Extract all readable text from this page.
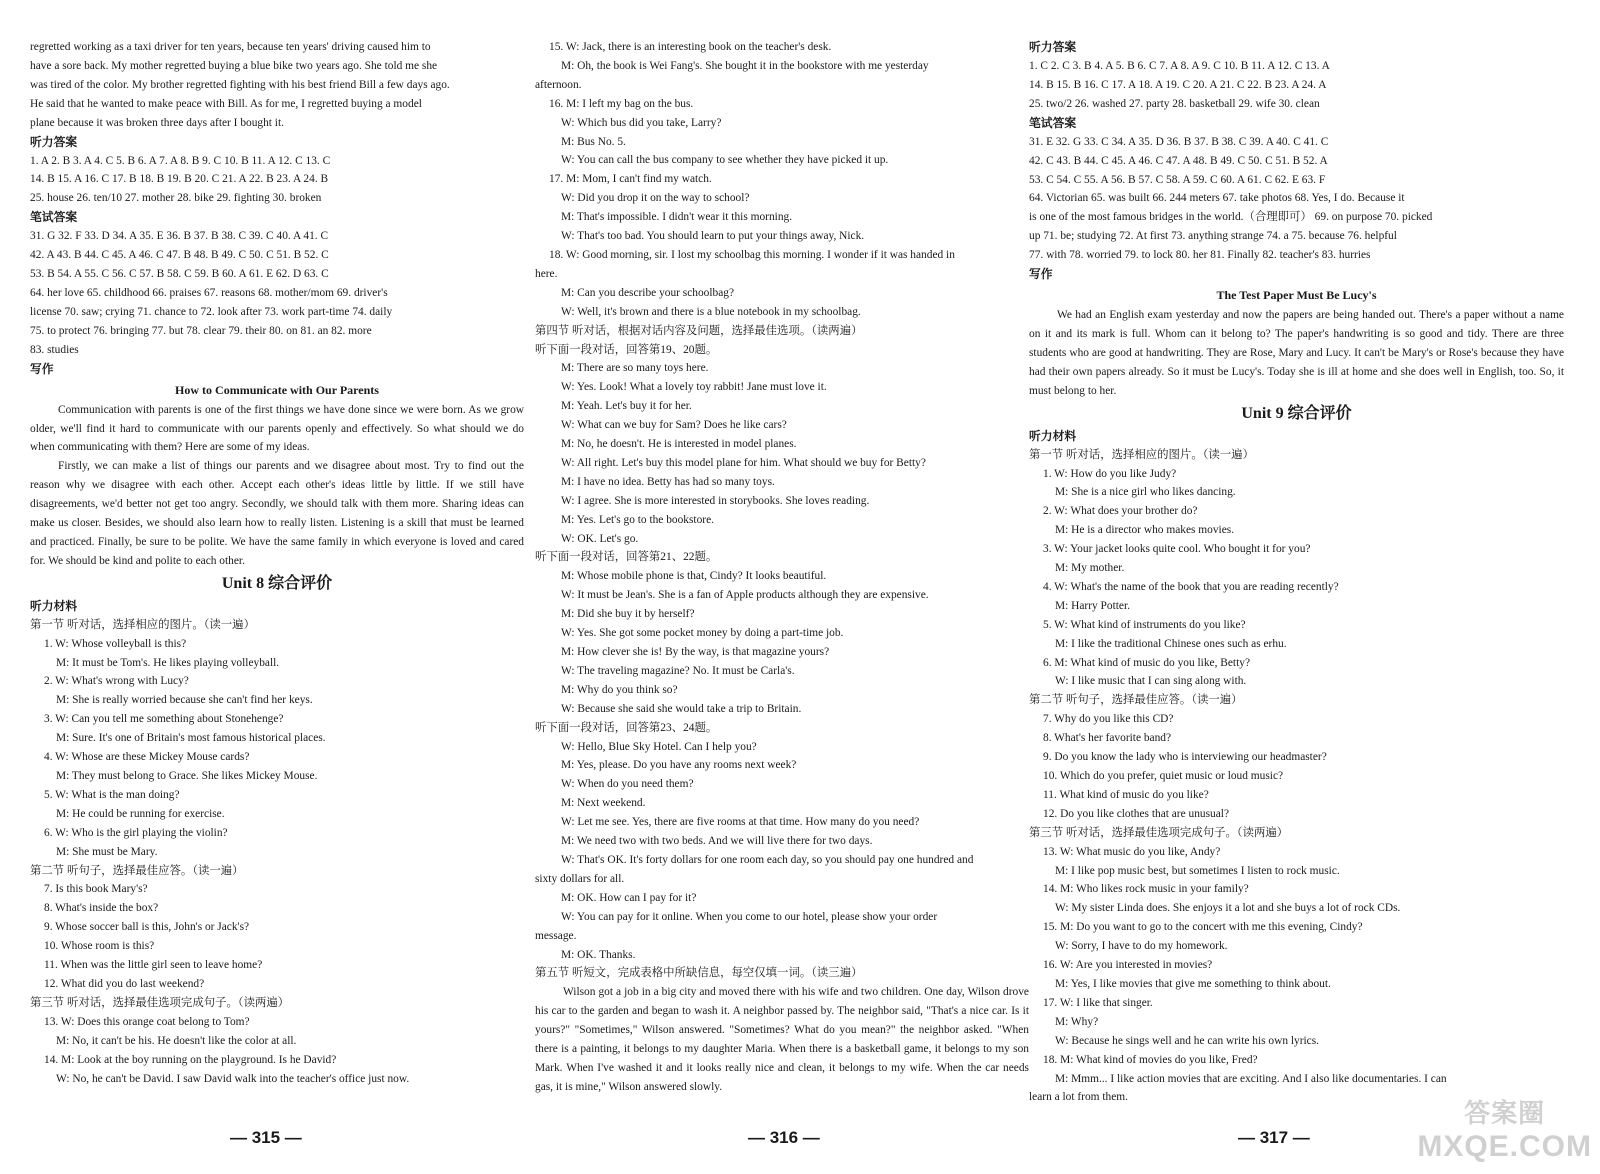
regretted working as a taxi driver for ten years, because ten years' driving caused him to
have a sore back. My mother regretted buying a blue bike two years ago. She told me she
was tired of the color. My brother regretted fighting with his best friend Bill a few days ago.
He said that he wanted to make peace with Bill. As for me, I regretted buying a model
plane because it was broken three days after I bought it.
听力答案
1. A 2. B 3. A 4. C 5. B 6. A 7. A 8. B 9. C 10. B 11. A 12. C 13. C
14. B 15. A 16. C 17. B 18. B 19. B 20. C 21. A 22. B 23. A 24. B
25. house 26. ten/10 27. mother 28. bike 29. fighting 30. broken
笔试答案
31. G 32. F 33. D 34. A 35. E 36. B 37. B 38. C 39. C 40. A 41. C
42. A 43. B 44. C 45. A 46. C 47. B 48. B 49. C 50. C 51. B 52. C
53. B 54. A 55. C 56. C 57. B 58. C 59. B 60. A 61. E 62. D 63. C
64. her love 65. childhood 66. praises 67. reasons 68. mother/mom 69. driver's
license 70. saw; crying 71. chance to 72. look after 73. work part-time 74. daily
75. to protect 76. bringing 77. but 78. clear 79. their 80. on 81. an 82. more
83. studies
写作
How to Communicate with Our Parents
Communication with parents is one of the first things we have done since we were born. As we grow older, we'll find it hard to communicate with our parents openly and effectively. So what should we do when communicating with them? Here are some of my ideas.
Firstly, we can make a list of things our parents and we disagree about most. Try to find out the reason why we disagree with each other. Accept each other's ideas little by little. If we still have disagreements, we'd better not get too angry. Secondly, we should talk with them more. Sharing ideas can make us closer. Besides, we should also learn how to really listen. Listening is a skill that must be learned and practiced. Finally, be sure to be polite. We have the same family in which everyone is loved and cared for. We should be kind and polite to each other.
Unit 8 综合评价
听力材料
第一节 听对话，选择相应的图片。（读一遍）
1. W: Whose volleyball is this?
M: It must be Tom's. He likes playing volleyball.
2. W: What's wrong with Lucy?
M: She is really worried because she can't find her keys.
3. W: Can you tell me something about Stonehenge?
M: Sure. It's one of Britain's most famous historical places.
4. W: Whose are these Mickey Mouse cards?
M: They must belong to Grace. She likes Mickey Mouse.
5. W: What is the man doing?
M: He could be running for exercise.
6. W: Who is the girl playing the violin?
M: She must be Mary.
第二节 听句子，选择最佳应答。（读一遍）
7. Is this book Mary's?
8. What's inside the box?
9. Whose soccer ball is this, John's or Jack's?
10. Whose room is this?
11. When was the little girl seen to leave home?
12. What did you do last weekend?
第三节 听对话，选择最佳选项完成句子。（读两遍）
13. W: Does this orange coat belong to Tom?
M: No, it can't be his. He doesn't like the color at all.
14. M: Look at the boy running on the playground. Is he David?
W: No, he can't be David. I saw David walk into the teacher's office just now.
— 315 —
15. W: Jack, there is an interesting book on the teacher's desk.
M: Oh, the book is Wei Fang's. She bought it in the bookstore with me yesterday
afternoon.
16. M: I left my bag on the bus.
W: Which bus did you take, Larry?
M: Bus No. 5.
W: You can call the bus company to see whether they have picked it up.
17. M: Mom, I can't find my watch.
W: Did you drop it on the way to school?
M: That's impossible. I didn't wear it this morning.
W: That's too bad. You should learn to put your things away, Nick.
18. W: Good morning, sir. I lost my schoolbag this morning. I wonder if it was handed in
here.
M: Can you describe your schoolbag?
W: Well, it's brown and there is a blue notebook in my schoolbag.
第四节 听对话，根据对话内容及问题，选择最佳选项。（读两遍）
听下面一段对话，回答第19、20题。
M: There are so many toys here.
W: Yes. Look! What a lovely toy rabbit! Jane must love it.
M: Yeah. Let's buy it for her.
W: What can we buy for Sam? Does he like cars?
M: No, he doesn't. He is interested in model planes.
W: All right. Let's buy this model plane for him. What should we buy for Betty?
M: I have no idea. Betty has had so many toys.
W: I agree. She is more interested in storybooks. She loves reading.
M: Yes. Let's go to the bookstore.
W: OK. Let's go.
听下面一段对话，回答第21、22题。
M: Whose mobile phone is that, Cindy? It looks beautiful.
W: It must be Jean's. She is a fan of Apple products although they are expensive.
M: Did she buy it by herself?
W: Yes. She got some pocket money by doing a part-time job.
M: How clever she is! By the way, is that magazine yours?
W: The traveling magazine? No. It must be Carla's.
M: Why do you think so?
W: Because she said she would take a trip to Britain.
听下面一段对话，回答第23、24题。
W: Hello, Blue Sky Hotel. Can I help you?
M: Yes, please. Do you have any rooms next week?
W: When do you need them?
M: Next weekend.
W: Let me see. Yes, there are five rooms at that time. How many do you need?
M: We need two with two beds. And we will live there for two days.
W: That's OK. It's forty dollars for one room each day, so you should pay one hundred and
sixty dollars for all.
M: OK. How can I pay for it?
W: You can pay for it online. When you come to our hotel, please show your order
message.
M: OK. Thanks.
第五节 听短文，完成表格中所缺信息，每空仅填一词。（读三遍）
Wilson got a job in a big city and moved there with his wife and two children. One day, Wilson drove his car to the garden and began to wash it. A neighbor passed by. The neighbor said, "That's a nice car. Is it yours?" "Sometimes," Wilson answered. "Sometimes? What do you mean?" the neighbor asked. "When there is a painting, it belongs to my daughter Maria. When there is a basketball game, it belongs to my son Mark. When I've washed it and it looks really nice and clean, it belongs to my wife. When the car needs gas, it is mine," Wilson answered slowly.
— 316 —
听力答案
1. C 2. C 3. B 4. A 5. B 6. C 7. A 8. A 9. C 10. B 11. A 12. C 13. A
14. B 15. B 16. C 17. A 18. A 19. C 20. A 21. C 22. B 23. A 24. A
25. two/2 26. washed 27. party 28. basketball 29. wife 30. clean
笔试答案
31. E 32. G 33. C 34. A 35. D 36. B 37. B 38. C 39. A 40. C 41. C
42. C 43. B 44. C 45. A 46. C 47. A 48. B 49. C 50. C 51. B 52. A
53. C 54. C 55. A 56. B 57. C 58. A 59. C 60. A 61. C 62. E 63. F
64. Victorian 65. was built 66. 244 meters 67. take photos 68. Yes, I do. Because it
is one of the most famous bridges in the world.（合理即可） 69. on purpose 70. picked
up 71. be; studying 72. At first 73. anything strange 74. a 75. because 76. helpful
77. with 78. worried 79. to lock 80. her 81. Finally 82. teacher's 83. hurries
写作
The Test Paper Must Be Lucy's
We had an English exam yesterday and now the papers are being handed out. There's a paper without a name on it and its mark is full. Whom can it belong to? The paper's handwriting is so good and tidy. There are three students who are good at handwriting. They are Rose, Mary and Lucy. It can't be Mary's or Rose's because they have had their own papers already. So it must be Lucy's. Today she is ill at home and she does well in English, too. So, it must belong to her.
Unit 9 综合评价
听力材料
第一节 听对话，选择相应的图片。（读一遍）
1. W: How do you like Judy?
M: She is a nice girl who likes dancing.
2. W: What does your brother do?
M: He is a director who makes movies.
3. W: Your jacket looks quite cool. Who bought it for you?
M: My mother.
4. W: What's the name of the book that you are reading recently?
M: Harry Potter.
5. W: What kind of instruments do you like?
M: I like the traditional Chinese ones such as erhu.
6. M: What kind of music do you like, Betty?
W: I like music that I can sing along with.
第二节 听句子，选择最佳应答。（读一遍）
7. Why do you like this CD?
8. What's her favorite band?
9. Do you know the lady who is interviewing our headmaster?
10. Which do you prefer, quiet music or loud music?
11. What kind of music do you like?
12. Do you like clothes that are unusual?
第三节 听对话，选择最佳选项完成句子。（读两遍）
13. W: What music do you like, Andy?
M: I like pop music best, but sometimes I listen to rock music.
14. M: Who likes rock music in your family?
W: My sister Linda does. She enjoys it a lot and she buys a lot of rock CDs.
15. M: Do you want to go to the concert with me this evening, Cindy?
W: Sorry, I have to do my homework.
16. W: Are you interested in movies?
M: Yes, I like movies that give me something to think about.
17. W: I like that singer.
M: Why?
W: Because he sings well and he can write his own lyrics.
18. M: What kind of movies do you like, Fred?
M: Mmm... I like action movies that are exciting. And I also like documentaries. I can
learn a lot from them.
— 317 —
答案圈
MXQE.COM
